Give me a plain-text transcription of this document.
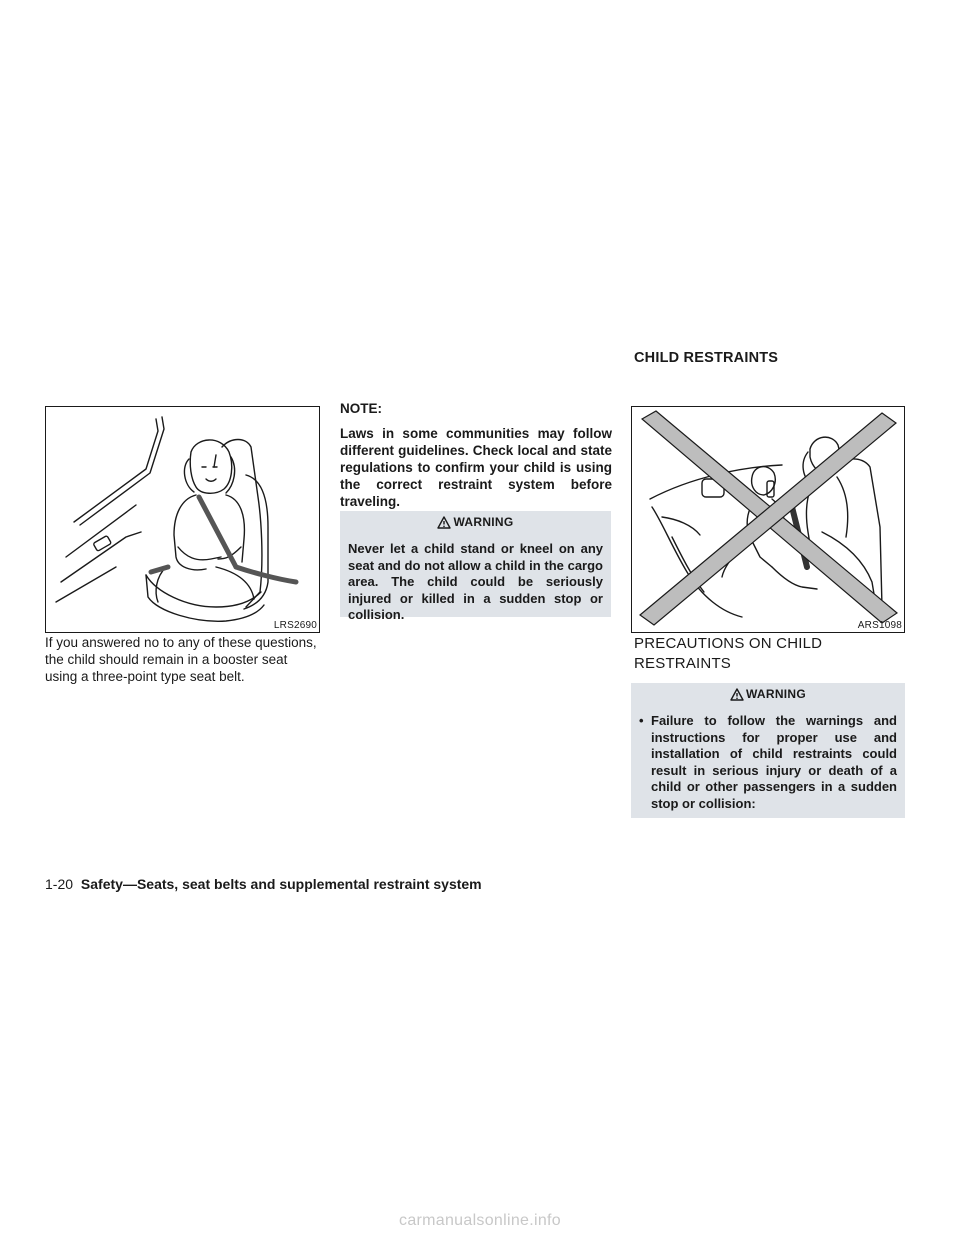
CHILD RESTRAINTS
LRS2690
If you answered no to any of these questions, the child should remain in a booster seat using a three-point type seat belt.
NOTE:
Laws in some communities may follow different guidelines. Check local and state regulations to confirm your child is using the correct restraint system before traveling.
WARNING
Never let a child stand or kneel on any seat and do not allow a child in the cargo area. The child could be seriously injured or killed in a sudden stop or collision.
ARS1098
PRECAUTIONS ON CHILD RESTRAINTS
WARNING
• Failure to follow the warnings and instructions for proper use and installation of child restraints could result in serious injury or death of a child or other passengers in a sudden stop or collision:
1-20 Safety—Seats, seat belts and supplemental restraint system
carmanualsonline.info
